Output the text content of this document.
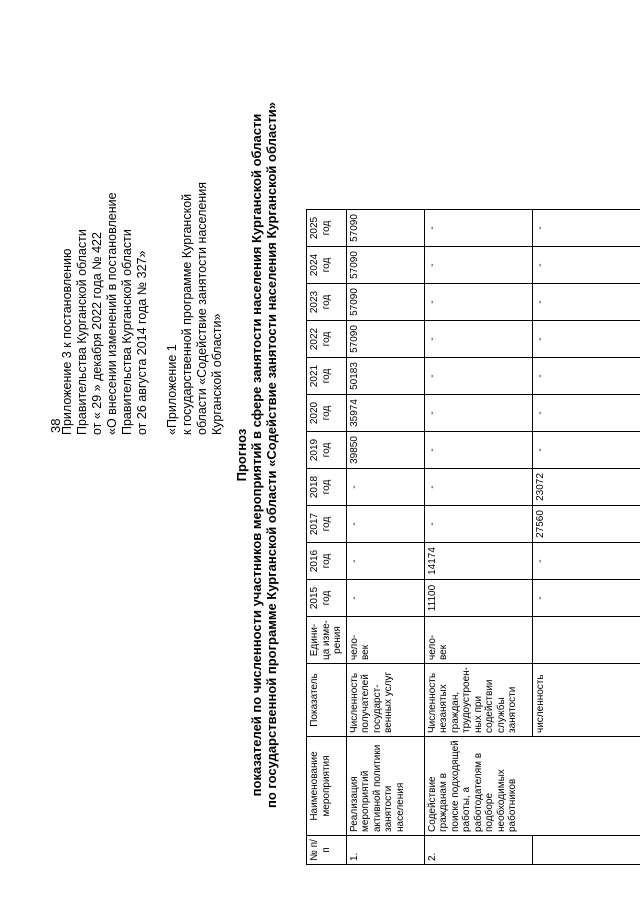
38
Приложение 3 к постановлению Правительства Курганской области от « 29 » декабря 2022 года № 422 «О внесении изменений в постановление Правительства Курганской области от 26 августа 2014 года № 327» «Приложение 1 к государственной программе Курганской области «Содействие занятости населения Курганской области»
Прогноз показателей по численности участников мероприятий в сфере занятости населения Курганской области по государственной программе Курганской области «Содействие занятости населения Курганской области»
№ п/п	Наименование мероприятия	Показатель	Едини-ца изме-рения	2015 год	2016 год	2017 год	2018 год	2019 год	2020 год	2021 год	2022 год	2023 год	2024 год	2025 год
1.	Реализация мероприятий активной политики занятости населения	Численность получателей государст-венных услуг	чело-век	-	-	-	-	39850	35974	50183	57090	57090	57090	57090
2.	Содействие гражданам в поиске подходящей работы, а работодателям в подборе необходимых работников	Численность незанятых граждан, трудоустроен-ных при содействии службы занятости	чело-век	11100	14174	-	-	-	-	-	-	-	-	-
		численность		-	-	27560	23072	-	-	-	-	-	-	-
